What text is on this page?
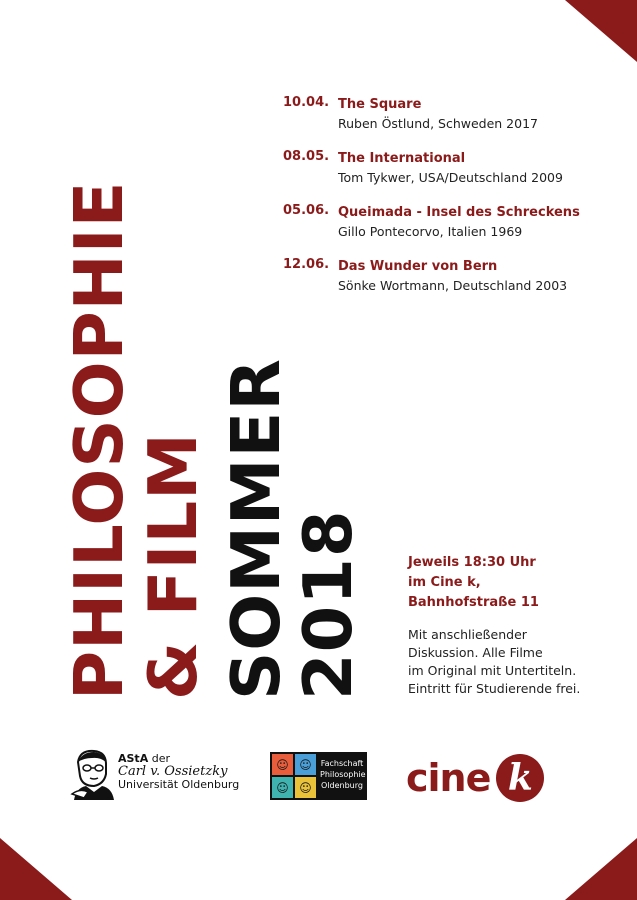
PHILOSOPHIE
& FILM SOMMER
2018
10.04. The Square
Ruben Östlund, Schweden 2017
08.05. The International
Tom Tykwer, USA/Deutschland 2009
05.06. Queimada - Insel des Schreckens
Gillo Pontecorvo, Italien 1969
12.06. Das Wunder von Bern
Sönke Wortmann, Deutschland 2003
Jeweils 18:30 Uhr
im Cine k,
Bahnhofstraße 11
Mit anschließender
Diskussion. Alle Filme
im Original mit Untertiteln.
Eintritt für Studierende frei.
AStA der
Carl v. Ossietzky
Universität Oldenburg
☺ ☺
☺ ☺
Fachschaft
Philosophie
Oldenburg cine k
